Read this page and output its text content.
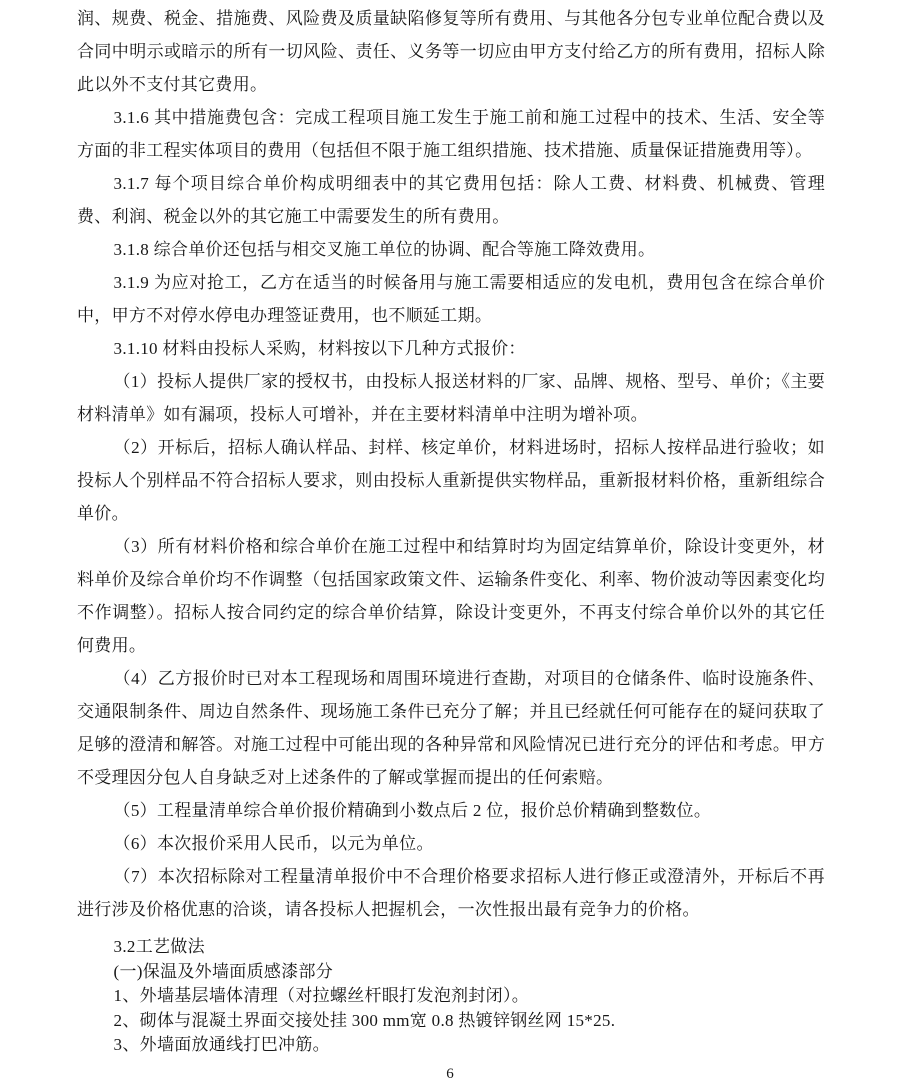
润、规费、税金、措施费、风险费及质量缺陷修复等所有费用、与其他各分包专业单位配合费以及合同中明示或暗示的所有一切风险、责任、义务等一切应由甲方支付给乙方的所有费用，招标人除此以外不支付其它费用。

3.1.6 其中措施费包含：完成工程项目施工发生于施工前和施工过程中的技术、生活、安全等方面的非工程实体项目的费用（包括但不限于施工组织措施、技术措施、质量保证措施费用等）。

3.1.7 每个项目综合单价构成明细表中的其它费用包括：除人工费、材料费、机械费、管理费、利润、税金以外的其它施工中需要发生的所有费用。

3.1.8 综合单价还包括与相交叉施工单位的协调、配合等施工降效费用。

3.1.9 为应对抢工，乙方在适当的时候备用与施工需要相适应的发电机，费用包含在综合单价中，甲方不对停水停电办理签证费用，也不顺延工期。

3.1.10 材料由投标人采购，材料按以下几种方式报价：

（1）投标人提供厂家的授权书，由投标人报送材料的厂家、品牌、规格、型号、单价；《主要材料清单》如有漏项，投标人可增补，并在主要材料清单中注明为增补项。

（2）开标后，招标人确认样品、封样、核定单价，材料进场时，招标人按样品进行验收；如投标人个别样品不符合招标人要求，则由投标人重新提供实物样品，重新报材料价格，重新组综合单价。

（3）所有材料价格和综合单价在施工过程中和结算时均为固定结算单价，除设计变更外，材料单价及综合单价均不作调整（包括国家政策文件、运输条件变化、利率、物价波动等因素变化均不作调整）。招标人按合同约定的综合单价结算，除设计变更外，不再支付综合单价以外的其它任何费用。

（4）乙方报价时已对本工程现场和周围环境进行查勘，对项目的仓储条件、临时设施条件、交通限制条件、周边自然条件、现场施工条件已充分了解；并且已经就任何可能存在的疑问获取了足够的澄清和解答。对施工过程中可能出现的各种异常和风险情况已进行充分的评估和考虑。甲方不受理因分包人自身缺乏对上述条件的了解或掌握而提出的任何索赔。

（5）工程量清单综合单价报价精确到小数点后 2 位，报价总价精确到整数位。

（6）本次报价采用人民币，以元为单位。

（7）本次招标除对工程量清单报价中不合理价格要求招标人进行修正或澄清外，开标后不再进行涉及价格优惠的洽谈，请各投标人把握机会，一次性报出最有竞争力的价格。

3.2工艺做法

(一)保温及外墙面质感漆部分

1、外墙基层墙体清理（对拉螺丝杆眼打发泡剂封闭）。

2、砌体与混凝土界面交接处挂 300 mm宽 0.8 热镀锌钢丝网 15*25.

3、外墙面放通线打巴冲筋。

6
